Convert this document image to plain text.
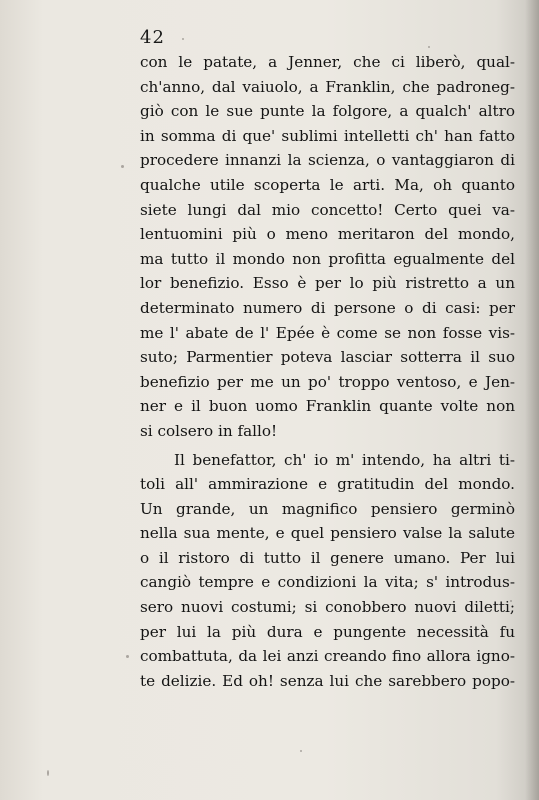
42
con le patate, a Jenner, che ci liberò, qual-
ch'anno, dal vaiuolo, a Franklin, che padroneg-
giò con le sue punte la folgore, a qualch' altro
in somma di que' sublimi intelletti ch' han fatto
procedere innanzi la scienza, o vantaggiaron di
qualche utile scoperta le arti. Ma, oh quanto
siete lungi dal mio concetto! Certo quei va-
lentuomini più o meno meritaron del mondo,
ma tutto il mondo non profitta egualmente del
lor benefizio. Esso è per lo più ristretto a un
determinato numero di persone o di casi: per
me l' abate de l' Epée è come se non fosse vis-
suto; Parmentier poteva lasciar sotterra il suo
benefizio per me un po' troppo ventoso, e Jen-
ner e il buon uomo Franklin quante volte non
si colsero in fallo!
Il benefattor, ch' io m' intendo, ha altri ti-
toli all' ammirazione e gratitudin del mondo.
Un grande, un magnifico pensiero germinò
nella sua mente, e quel pensiero valse la salute
o il ristoro di tutto il genere umano. Per lui
cangiò tempre e condizioni la vita; s' introdus-
sero nuovi costumi; si conobbero nuovi diletti;
per lui la più dura e pungente necessità fu
combattuta, da lei anzi creando fino allora igno-
te delizie. Ed oh! senza lui che sarebbero popo-
